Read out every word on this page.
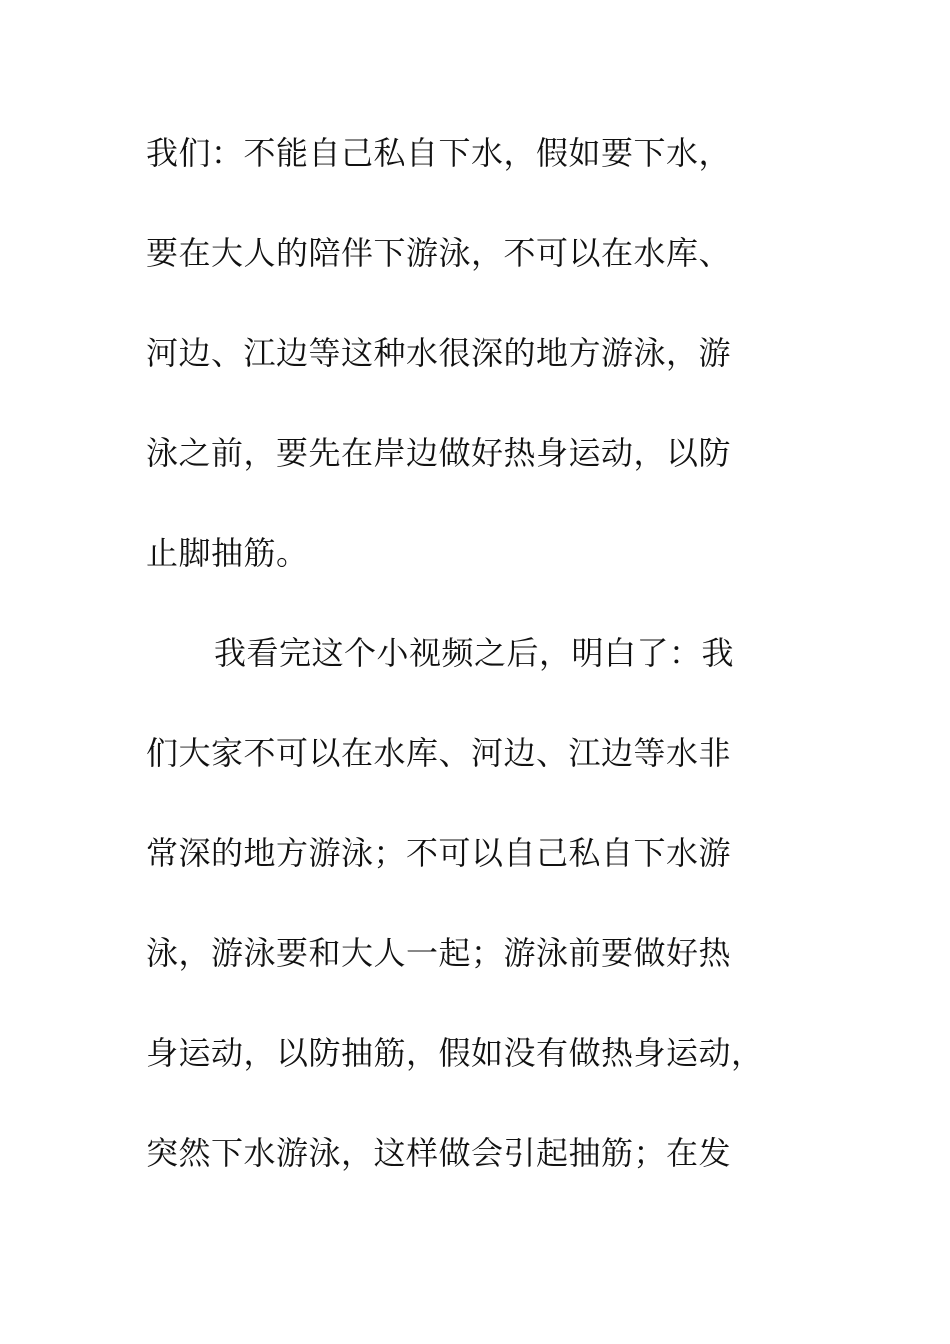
我们：不能自己私自下水，假如要下水，
要在大人的陪伴下游泳，不可以在水库、
河边、江边等这种水很深的地方游泳，游
泳之前，要先在岸边做好热身运动，以防
止脚抽筋。
我看完这个小视频之后，明白了：我
们大家不可以在水库、河边、江边等水非
常深的地方游泳；不可以自己私自下水游
泳，游泳要和大人一起；游泳前要做好热
身运动，以防抽筋，假如没有做热身运动，
突然下水游泳，这样做会引起抽筋；在发
